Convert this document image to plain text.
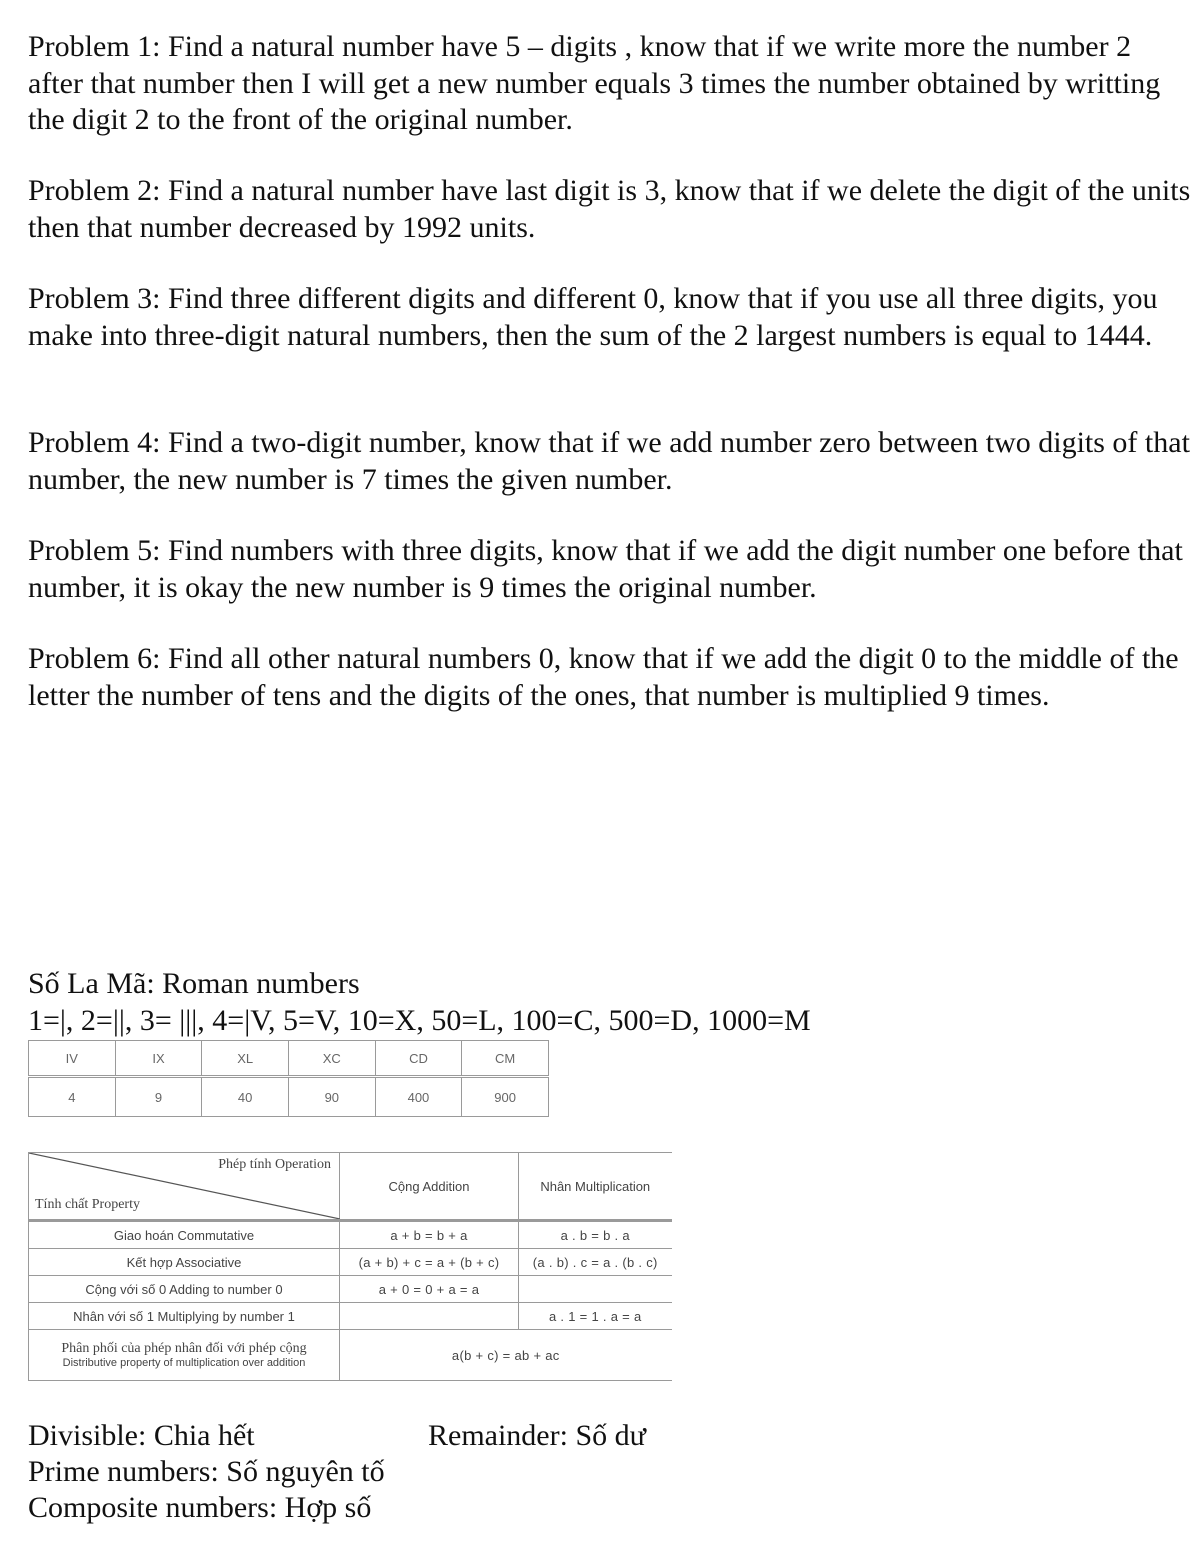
Problem 1: Find a natural number have 5 – digits , know that if we write more the number 2 after that number then I will get a new number equals 3 times the number obtained by writting the digit 2 to the front of the original number.

Problem 2: Find a natural number have last digit is 3, know that if we delete the digit of the units then that number decreased by 1992 units.

Problem 3: Find three different digits and different 0, know that if you use all three digits, you make into three-digit natural numbers, then the sum of the 2 largest numbers is equal to 1444.

Problem 4: Find a two-digit number, know that if we add number zero between two digits of that number, the new number is 7 times the given number.

Problem 5: Find numbers with three digits, know that if we add the digit number one before that number, it is okay the new number is 9 times the original number.

Problem 6: Find all other natural numbers 0, know that if we add the digit 0 to the middle of the letter the number of tens and the digits of the ones, that number is multiplied 9 times.

Số La Mã: Roman numbers
1=|, 2=||, 3= |||, 4=|V, 5=V, 10=X, 50=L, 100=C, 500=D, 1000=M
IV	IX	XL	XC	CD	CM
4	9	40	90	400	900
Phép tính Operation
Tính chất Property	Cộng Addition	Nhân Multiplication
Giao hoán Commutative	a + b = b + a	a . b = b . a
Kết hợp Associative	(a + b) + c = a + (b + c)	(a . b) . c = a . (b . c)
Cộng với số 0 Adding to number 0	a + 0 = 0 + a = a	
Nhân với số 1 Multiplying by number 1		a . 1 = 1 . a = a

Phân phối của phép nhân đối với phép cộng
Distributive property of multiplication over addition	a(b + c) = ab + ac	
Divisible: Chia hết	Remainder: Số dư
Prime numbers: Số nguyên tố
Composite numbers: Hợp số
